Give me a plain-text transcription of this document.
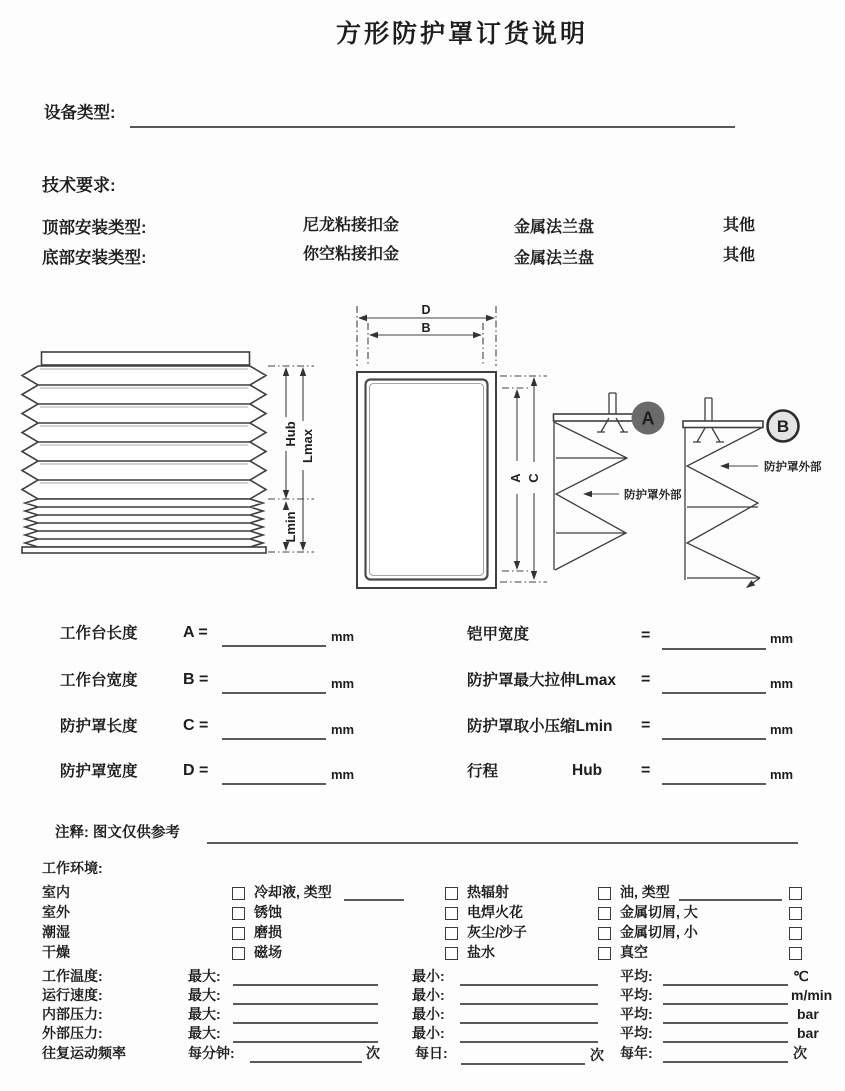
方形防护罩订货说明
设备类型:
技术要求:
顶部安装类型:	尼龙粘接扣金	金属法兰盘	其他
底部安装类型:	你空粘接扣金	金属法兰盘	其他
Hub
Lmin
Lmax
D
B
A C
A
防护罩外部
B
防护罩外部
工作台长度	A =	mm
工作台宽度	B =	mm
防护罩长度	C =	mm
防护罩宽度	D =	mm
铠甲宽度	=	mm
防护罩最大拉伸Lmax =	mm
防护罩取小压缩Lmin =	mm
行程	Hub =	mm
注释: 图文仅供参考
工作环境:
室内	冷却液, 类型	热辐射	油, 类型
室外	锈蚀	电焊火花	金属切屑, 大
潮湿	磨损	灰尘/沙子	金属切屑, 小
干燥	磁场	盐水	真空
工作温度:	最大:	最小:	平均:	℃
运行速度:	最大:	最小:	平均:	m/min
内部压力:	最大:	最小:	平均:	bar
外部压力:	最大:	最小:	平均:	bar
往复运动频率	每分钟:	次	每日:	次 每年:	次
